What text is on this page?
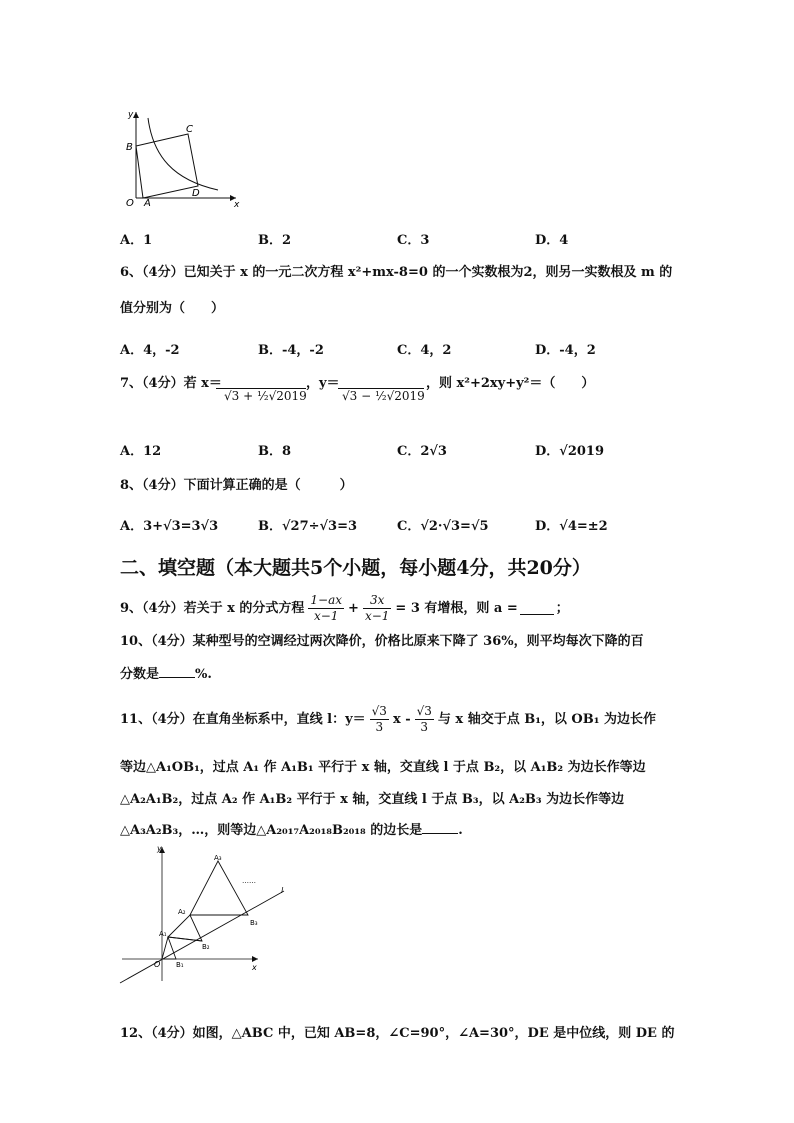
y
x
O A
B
C
D
A．1	B．2	C．3	D．4
6、（4分）已知关于 x 的一元二次方程 x²+mx-8=0 的一个实数根为2，则另一实数根及 m 的
值分别为（　　）
A．4，-2	B．-4，-2	C．4，2	D．-4，2
7、（4分）若 x＝
√3 + ½√2019
，y＝
√3 − ½√2019
，则 x²+2xy+y²＝（　　）
A．12	B．8	C．2√3	D．√2019
8、（4分）下面计算正确的是（　　　）
A．3+√3=3√3	B．√27÷√3=3	C．√2·√3=√5	D．√4=±2
二、填空题（本大题共5个小题，每小题4分，共20分）
9、（4分）若关于 x 的分式方程 $\frac{1-ax}{x-1} + \frac{3x}{x-1} = 3$ 有增根，则 a =	；
10、（4分）某种型号的空调经过两次降价，价格比原来下降了 36%，则平均每次下降的百
分数是	%.
11、（4分）在直角坐标系中，直线 l：$y= \frac{√3}{3}$ x - $\frac{√3}{3}$ 与 x 轴交于点 B₁，以 OB₁ 为边长作
等边△A₁OB₁，过点 A₁ 作 A₁B₁ 平行于 x 轴，交直线 l 于点 B₂，以 A₁B₂ 为边长作等边
△A₂A₁B₂，过点 A₂ 作 A₁B₂ 平行于 x 轴，交直线 l 于点 B₃，以 A₂B₃ 为边长作等边
△A₃A₂B₃，…，则等边△A₂₀₁₇A₂₀₁₈B₂₀₁₈ 的边长是	.
y
x
O
l
A₁
A₂
A₃
B₁
B₂
B₃
……
12、（4分）如图，△ABC 中，已知 AB=8，∠C=90°，∠A=30°，DE 是中位线，则 DE 的
